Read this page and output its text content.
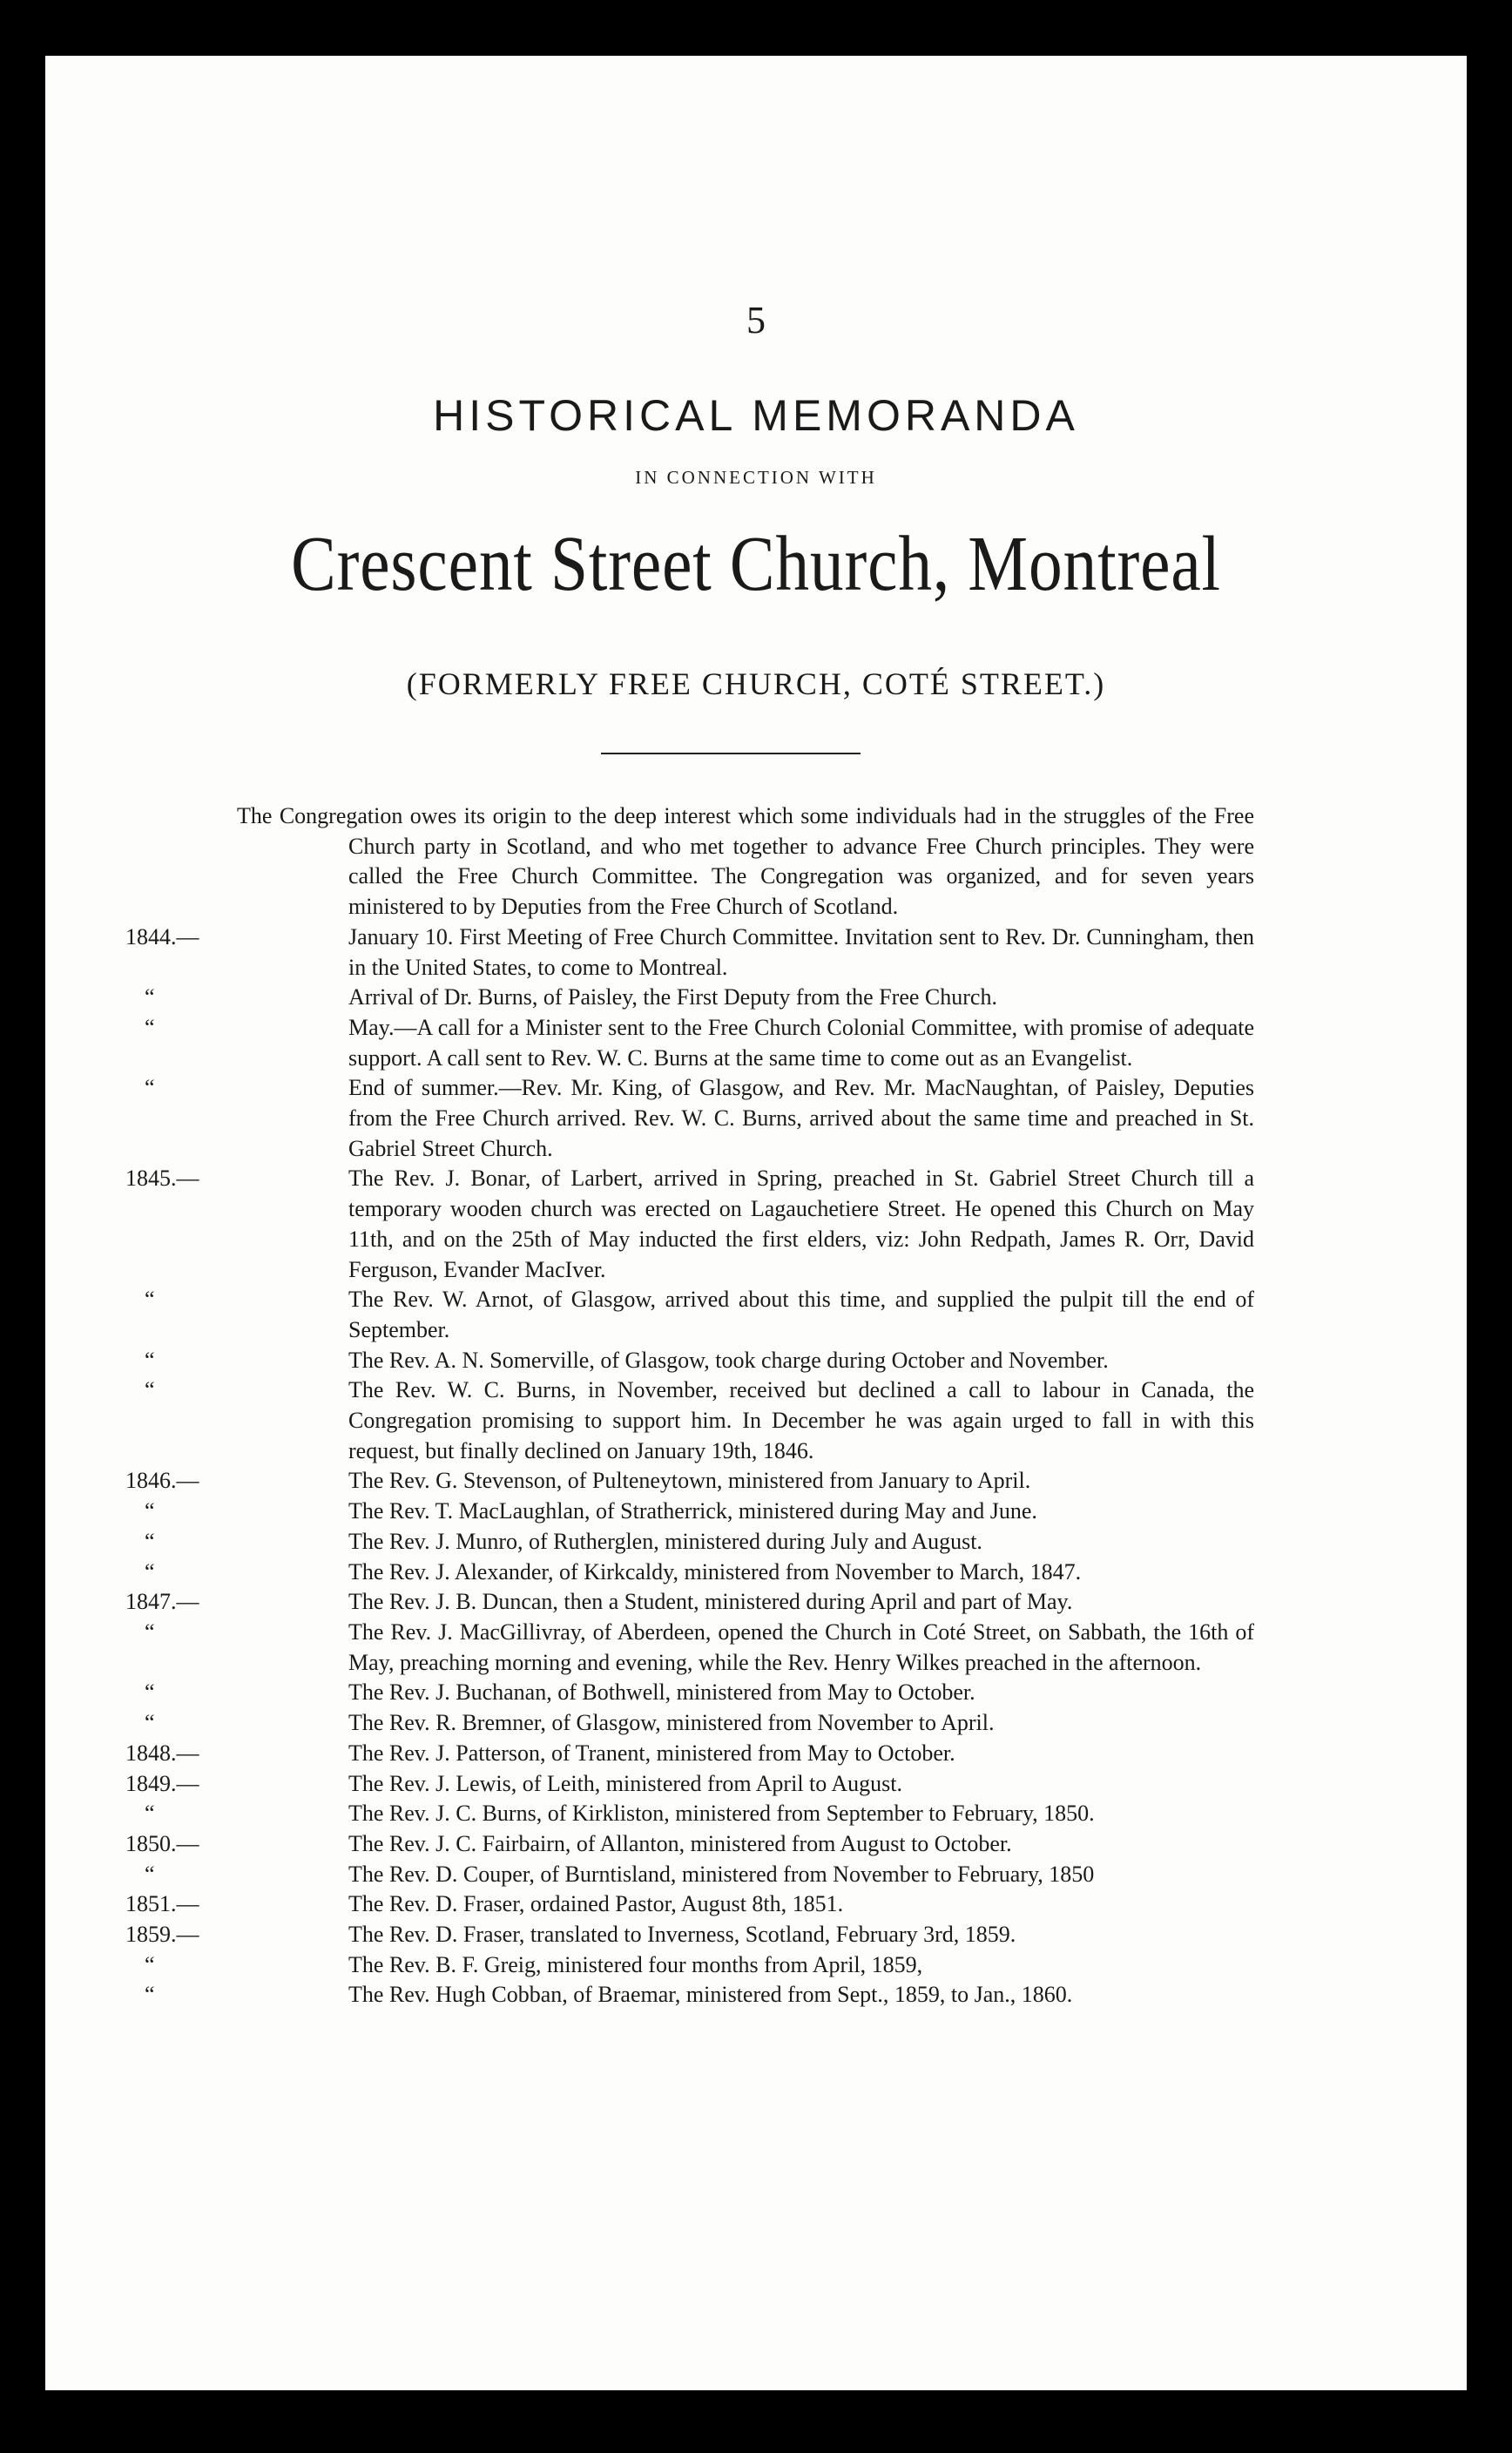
5
HISTORICAL MEMORANDA
IN CONNECTION WITH
Crescent Street Church, Montreal
(FORMERLY FREE CHURCH, COTÉ STREET.)

The Congregation owes its origin to the deep interest which some individuals had in the struggles of the Free Church party in Scotland, and who met together to advance Free Church principles. They were called the Free Church Committee. The Congregation was organized, and for seven years ministered to by Deputies from the Free Church of Scotland.

1844.—	January 10. First Meeting of Free Church Committee. Invitation sent to Rev. Dr. Cunningham, then in the United States, to come to Montreal.

“	Arrival of Dr. Burns, of Paisley, the First Deputy from the Free Church.

“	May.—A call for a Minister sent to the Free Church Colonial Committee, with promise of adequate support. A call sent to Rev. W. C. Burns at the same time to come out as an Evangelist.

“	End of summer.—Rev. Mr. King, of Glasgow, and Rev. Mr. MacNaughtan, of Paisley, Deputies from the Free Church arrived. Rev. W. C. Burns, arrived about the same time and preached in St. Gabriel Street Church.

1845.—	The Rev. J. Bonar, of Larbert, arrived in Spring, preached in St. Gabriel Street Church till a temporary wooden church was erected on Lagauchetiere Street. He opened this Church on May 11th, and on the 25th of May inducted the first elders, viz: John Redpath, James R. Orr, David Ferguson, Evander MacIver.

“	The Rev. W. Arnot, of Glasgow, arrived about this time, and supplied the pulpit till the end of September.

“	The Rev. A. N. Somerville, of Glasgow, took charge during October and November.

“	The Rev. W. C. Burns, in November, received but declined a call to labour in Canada, the Congregation promising to support him. In December he was again urged to fall in with this request, but finally declined on January 19th, 1846.

1846.—	The Rev. G. Stevenson, of Pulteneytown, ministered from January to April.

“	The Rev. T. MacLaughlan, of Stratherrick, ministered during May and June.

“	The Rev. J. Munro, of Rutherglen, ministered during July and August.

“	The Rev. J. Alexander, of Kirkcaldy, ministered from November to March, 1847.

1847.—	The Rev. J. B. Duncan, then a Student, ministered during April and part of May.

“	The Rev. J. MacGillivray, of Aberdeen, opened the Church in Coté Street, on Sabbath, the 16th of May, preaching morning and evening, while the Rev. Henry Wilkes preached in the afternoon.

“	The Rev. J. Buchanan, of Bothwell, ministered from May to October.

“	The Rev. R. Bremner, of Glasgow, ministered from November to April.

1848.—	The Rev. J. Patterson, of Tranent, ministered from May to October.

1849.—	The Rev. J. Lewis, of Leith, ministered from April to August.

“	The Rev. J. C. Burns, of Kirkliston, ministered from September to February, 1850.

1850.—	The Rev. J. C. Fairbairn, of Allanton, ministered from August to October.

“	The Rev. D. Couper, of Burntisland, ministered from November to February, 1850

1851.—	The Rev. D. Fraser, ordained Pastor, August 8th, 1851.

1859.—	The Rev. D. Fraser, translated to Inverness, Scotland, February 3rd, 1859.

“	The Rev. B. F. Greig, ministered four months from April, 1859,

“	The Rev. Hugh Cobban, of Braemar, ministered from Sept., 1859, to Jan., 1860.
